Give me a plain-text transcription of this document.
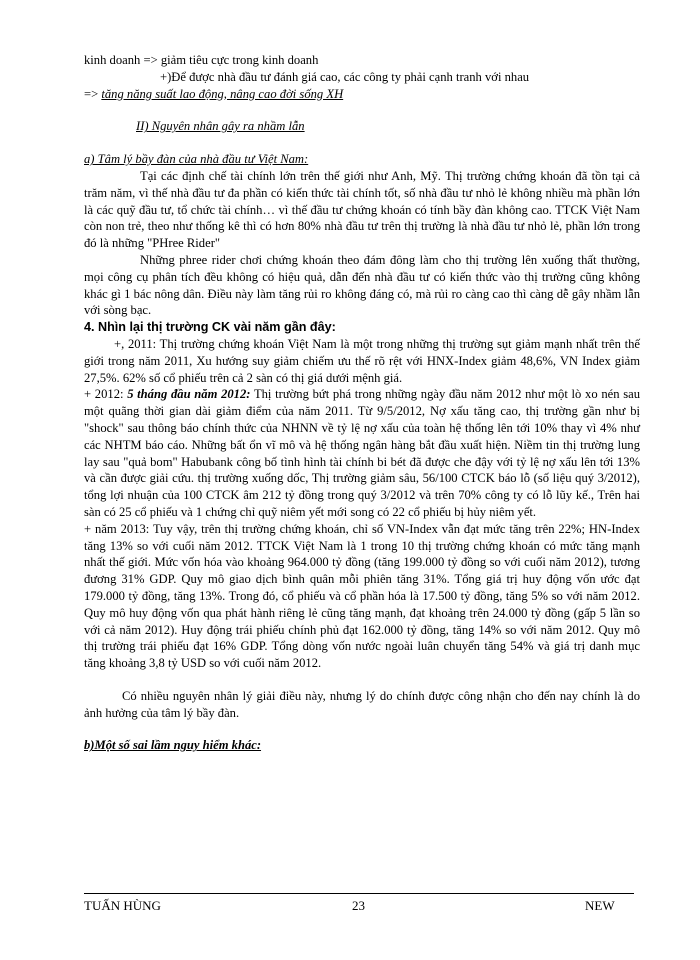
kinh doanh => giảm tiêu cực trong kinh doanh

+)Để được nhà đầu tư đánh giá cao, các công ty phải cạnh tranh với nhau

=> tăng năng suất lao động, nâng cao đời sống XH

II) Nguyên nhân gây ra nhầm lẫn

a) Tâm lý bầy đàn của nhà đầu tư Việt Nam:

Tại các định chế tài chính lớn trên thế giới như Anh, Mỹ. Thị trường chứng khoán đã tồn tại cả trăm năm, vì thế nhà đầu tư đa phần có kiến thức tài chính tốt, số nhà đầu tư nhỏ lẻ không nhiều mà phần lớn là các quỹ đầu tư, tổ chức tài chính… vì thế đầu tư chứng khoán có tính bầy đàn không cao. TTCK Việt Nam còn non trẻ, theo như thống kê thì có hơn 80% nhà đầu tư trên thị trường là nhà đầu tư nhỏ lẻ, phần lớn trong đó là những "PHree Rider"

Những phree rider chơi chứng khoán theo đám đông làm cho thị trường lên xuống thất thường, mọi công cụ phân tích đều không có hiệu quả, dẫn đến nhà đầu tư có kiến thức vào thị trường cũng không khác gì 1 bác nông dân. Điều này làm tăng rủi ro không đáng có, mà rủi ro càng cao thì càng dễ gây nhầm lẫn với sòng bạc.

4. Nhìn lại thị trường CK vài năm gần đây:

+, 2011: Thị trường chứng khoán Việt Nam là một trong những thị trường sụt giảm mạnh nhất trên thế giới trong năm 2011, Xu hướng suy giảm chiếm ưu thế rõ rệt với HNX-Index giảm 48,6%, VN Index giảm 27,5%. 62% số cổ phiếu trên cả 2 sàn có thị giá dưới mệnh giá.

+ 2012: 5 tháng đầu năm 2012: Thị trường bứt phá trong những ngày đầu năm 2012 như một lò xo nén sau một quãng thời gian dài giảm điểm của năm 2011. Từ 9/5/2012, Nợ xấu tăng cao, thị trường gần như bị "shock" sau thông báo chính thức của NHNN về tỷ lệ nợ xấu của toàn hệ thống lên tới 10% thay vì 4% như các NHTM báo cáo. Những bất ổn vĩ mô và hệ thống ngân hàng bắt đầu xuất hiện. Niềm tin thị trường lung lay sau "quả bom" Habubank công bố tình hình tài chính bi bét đã được che đậy với tỷ lệ nợ xấu lên tới 13% và cần được giải cứu. thị trường xuống dốc, Thị trường giảm sâu, 56/100 CTCK báo lỗ (số liệu quý 3/2012), tổng lợi nhuận của 100 CTCK âm 212 tỷ đồng trong quý 3/2012 và trên 70% công ty có lỗ lũy kế., Trên hai sàn có 25 cổ phiếu và 1 chứng chỉ quỹ niêm yết mới song có 22 cổ phiếu bị hủy niêm yết.

+ năm 2013: Tuy vậy, trên thị trường chứng khoán, chỉ số VN-Index vẫn đạt mức tăng trên 22%; HN-Index tăng 13% so với cuối năm 2012. TTCK Việt Nam là 1 trong 10 thị trường chứng khoán có mức tăng mạnh nhất thế giới. Mức vốn hóa vào khoảng 964.000 tỷ đồng (tăng 199.000 tỷ đồng so với cuối năm 2012), tương đương 31% GDP. Quy mô giao dịch bình quân mỗi phiên tăng 31%. Tổng giá trị huy động vốn ước đạt 179.000 tỷ đồng, tăng 13%. Trong đó, cổ phiếu và cổ phần hóa là 17.500 tỷ đồng, tăng 5% so với năm 2012. Quy mô huy động vốn qua phát hành riêng lẻ cũng tăng mạnh, đạt khoảng trên 24.000 tỷ đồng (gấp 5 lần so với cả năm 2012). Huy động trái phiếu chính phủ đạt 162.000 tỷ đồng, tăng 14% so với năm 2012. Quy mô thị trường trái phiếu đạt 16% GDP. Tổng dòng vốn nước ngoài luân chuyển tăng 54% và giá trị danh mục tăng khoảng 3,8 tỷ USD so với cuối năm 2012.

Có nhiều nguyên nhân lý giải điều này, nhưng lý do chính được công nhận cho đến nay chính là do ảnh hưởng của tâm lý bầy đàn.

b)Một số sai lầm nguy hiểm khác:

TUẤN HÙNG	23	NEW
